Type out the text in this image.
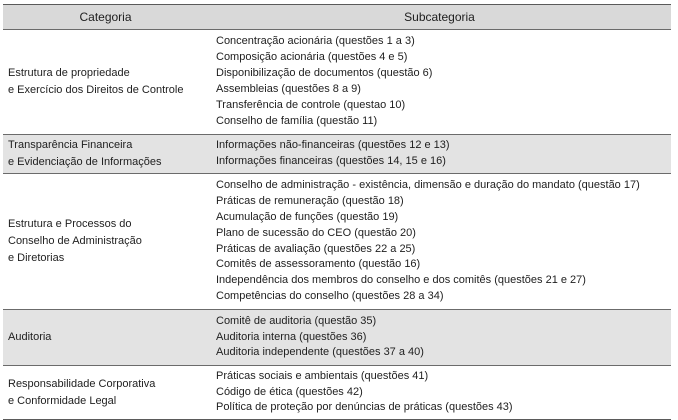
Categoria	Subcategoria
Estrutura de propriedade
e Exercício dos Direitos de Controle
Concentração acionária (questões 1 a 3)
Composição acionária (questões 4 e 5)
Disponibilização de documentos (questão 6)
Assembleias (questões 8 a 9)
Transferência de controle (questao 10)
Conselho de família (questão 11)
Transparência Financeira
e Evidenciação de Informações
Informações não-financeiras (questões 12 e 13)
Informações financeiras (questões 14, 15 e 16)
Estrutura e Processos do
Conselho de Administração
e Diretorias
Conselho de administração - existência, dimensão e duração do mandato (questão 17)
Práticas de remuneração (questão 18)
Acumulação de funções (questão 19)
Plano de sucessão do CEO (questão 20)
Práticas de avaliação (questões 22 a 25)
Comitês de assessoramento (questão 16)
Independência dos membros do conselho e dos comitês (questões 21 e 27)
Competências do conselho (questões 28 a 34)
Auditoria
Comitê de auditoria (questão 35)
Auditoria interna (questões 36)
Auditoria independente (questões 37 a 40)
Responsabilidade Corporativa
e Conformidade Legal
Práticas sociais e ambientais (questões 41)
Código de ética (questões 42)
Política de proteção por denúncias de práticas (questões 43)
